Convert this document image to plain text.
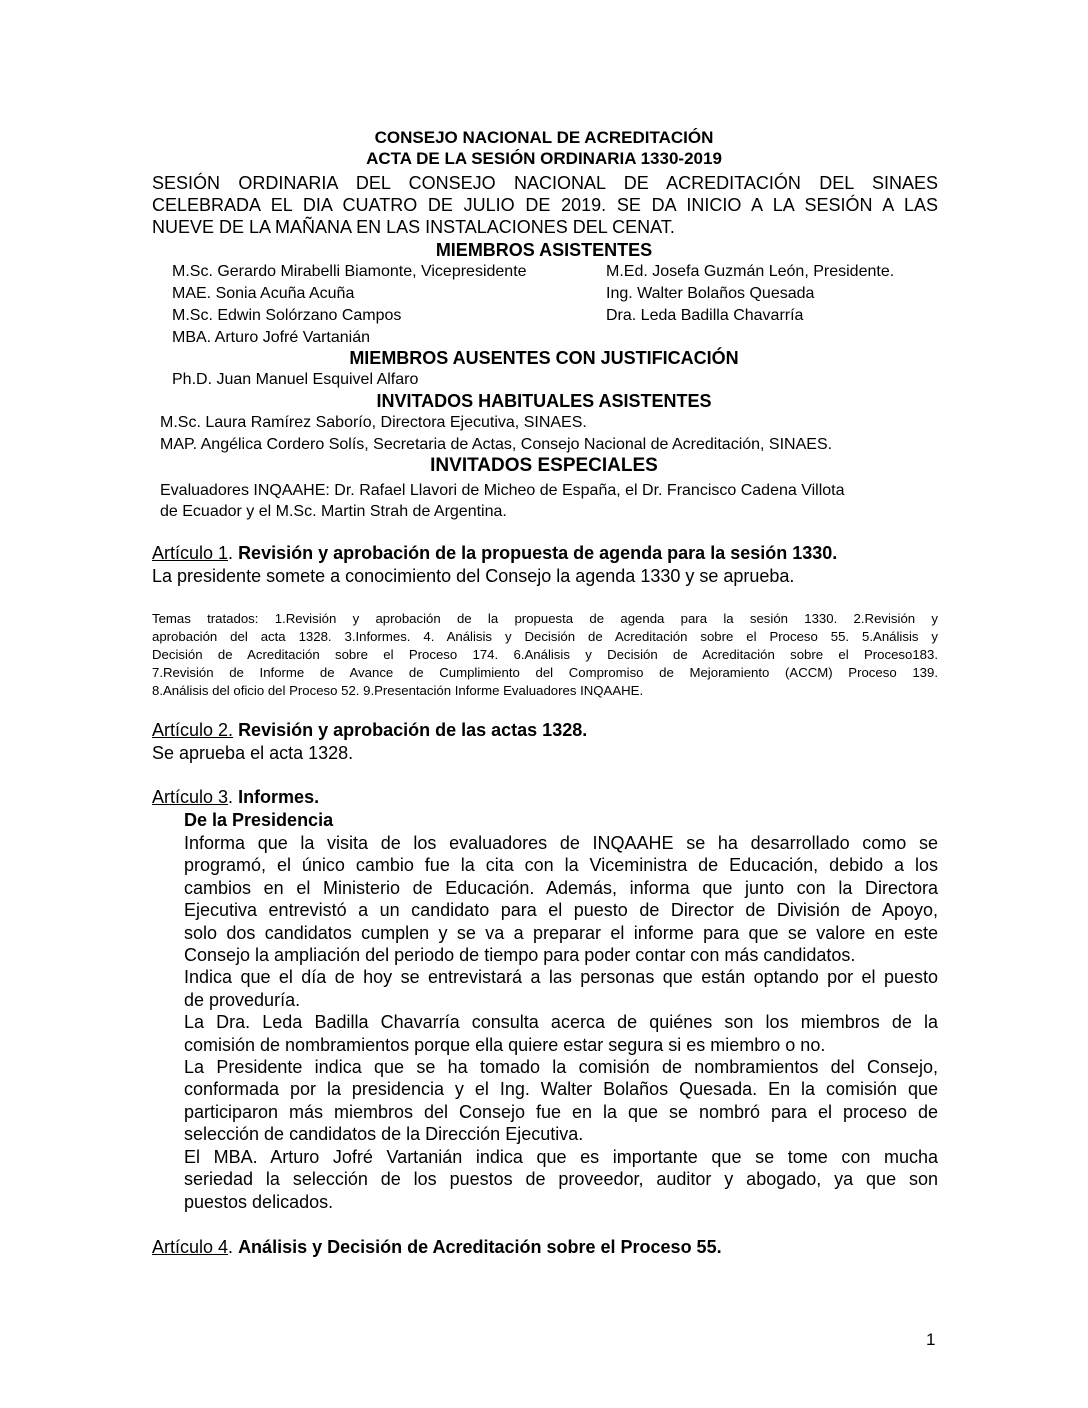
CONSEJO NACIONAL DE ACREDITACIÓN
ACTA DE LA SESIÓN ORDINARIA 1330-2019
SESIÓN ORDINARIA DEL CONSEJO NACIONAL DE ACREDITACIÓN DEL SINAES
CELEBRADA EL DIA CUATRO DE JULIO DE 2019. SE DA INICIO A LA SESIÓN A LAS
NUEVE DE LA MAÑANA EN LAS INSTALACIONES DEL CENAT.
MIEMBROS ASISTENTES
M.Sc. Gerardo Mirabelli Biamonte, Vicepresidente
MAE. Sonia Acuña Acuña
M.Sc. Edwin Solórzano Campos
MBA. Arturo Jofré Vartanián
M.Ed. Josefa Guzmán León, Presidente.
Ing. Walter Bolaños Quesada
Dra. Leda Badilla Chavarría
MIEMBROS AUSENTES CON JUSTIFICACIÓN
Ph.D. Juan Manuel Esquivel Alfaro
INVITADOS HABITUALES ASISTENTES
M.Sc. Laura Ramírez Saborío, Directora Ejecutiva, SINAES.
MAP. Angélica Cordero Solís, Secretaria de Actas, Consejo Nacional de Acreditación, SINAES.
INVITADOS ESPECIALES
Evaluadores INQAAHE: Dr. Rafael Llavori de Micheo de España, el Dr. Francisco Cadena Villota
de Ecuador y el M.Sc. Martin Strah de Argentina.
Artículo 1. Revisión y aprobación de la propuesta de agenda para la sesión 1330.
La presidente somete a conocimiento del Consejo la agenda 1330 y se aprueba.
Temas tratados: 1.Revisión y aprobación de la propuesta de agenda para la sesión 1330. 2.Revisión y
aprobación del acta 1328. 3.Informes. 4. Análisis y Decisión de Acreditación sobre el Proceso 55. 5.Análisis y
Decisión de Acreditación sobre el Proceso 174. 6.Análisis y Decisión de Acreditación sobre el Proceso183.
7.Revisión de Informe de Avance de Cumplimiento del Compromiso de Mejoramiento (ACCM) Proceso 139.
8.Análisis del oficio del Proceso 52. 9.Presentación Informe Evaluadores INQAAHE.
Artículo 2. Revisión y aprobación de las actas 1328.
Se aprueba el acta 1328.
Artículo 3. Informes.
De la Presidencia
Informa que la visita de los evaluadores de INQAAHE se ha desarrollado como se
programó, el único cambio fue la cita con la Viceministra de Educación, debido a los
cambios en el Ministerio de Educación. Además, informa que junto con la Directora
Ejecutiva entrevistó a un candidato para el puesto de Director de División de Apoyo,
solo dos candidatos cumplen y se va a preparar el informe para que se valore en este
Consejo la ampliación del periodo de tiempo para poder contar con más candidatos.
Indica que el día de hoy se entrevistará a las personas que están optando por el puesto
de proveduría.
La Dra. Leda Badilla Chavarría consulta acerca de quiénes son los miembros de la
comisión de nombramientos porque ella quiere estar segura si es miembro o no.
La Presidente indica que se ha tomado la comisión de nombramientos del Consejo,
conformada por la presidencia y el Ing. Walter Bolaños Quesada. En la comisión que
participaron más miembros del Consejo fue en la que se nombró para el proceso de
selección de candidatos de la Dirección Ejecutiva.
El MBA. Arturo Jofré Vartanián indica que es importante que se tome con mucha
seriedad la selección de los puestos de proveedor, auditor y abogado, ya que son
puestos delicados.
Artículo 4. Análisis y Decisión de Acreditación sobre el Proceso 55.
1
